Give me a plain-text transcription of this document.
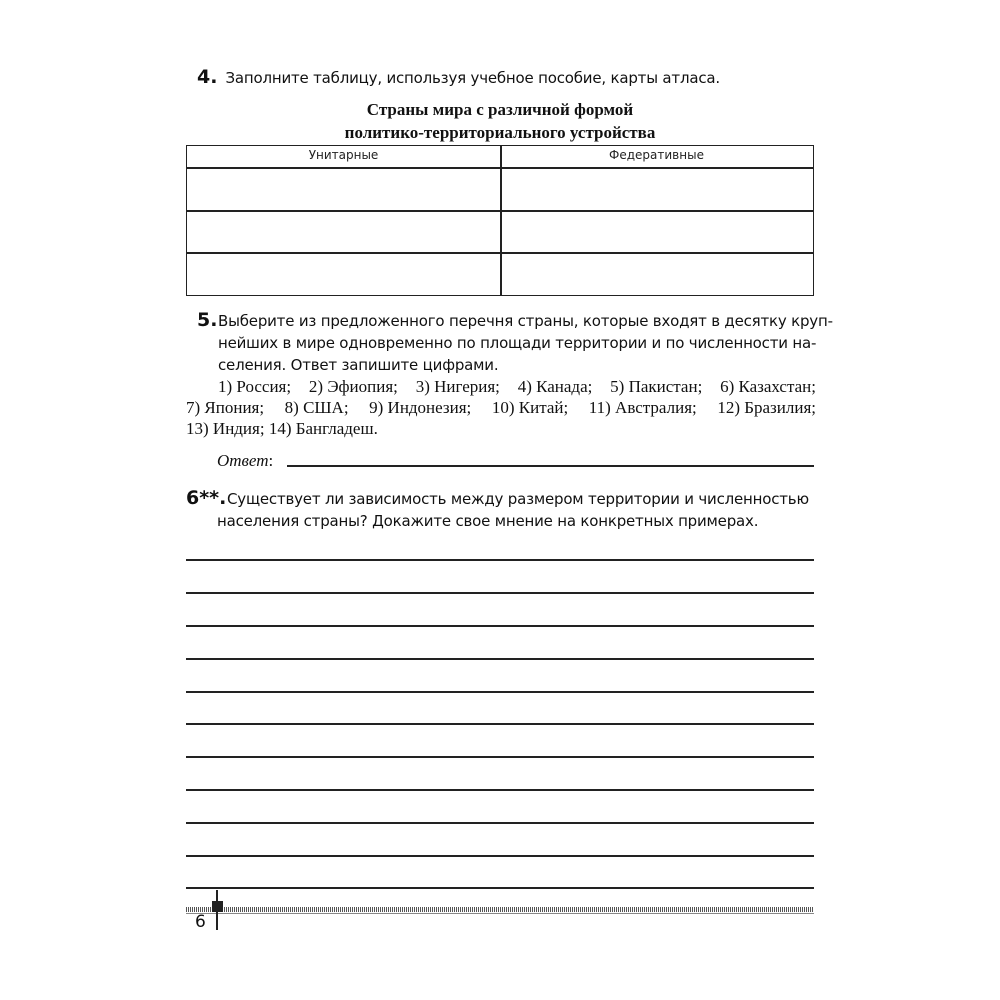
4. Заполните таблицу, используя учебное пособие, карты атласа.
Страны мира с различной формой
политико-территориального устройства
Унитарные	Федеративные
5. Выберите из предложенного перечня страны, которые входят в десятку круп-
нейших в мире одновременно по площади территории и по численности на-
селения. Ответ запишите цифрами.
1) Россия; 2) Эфиопия; 3) Нигерия; 4) Канада; 5) Пакистан; 6) Казахстан;
7) Япония; 8) США; 9) Индонезия; 10) Китай; 11) Австралия; 12) Бразилия;
13) Индия;
14) Бангладеш.
Ответ:
6**. Существует ли зависимость между размером территории и численностью
населения страны? Докажите свое мнение на конкретных примерах.
6
